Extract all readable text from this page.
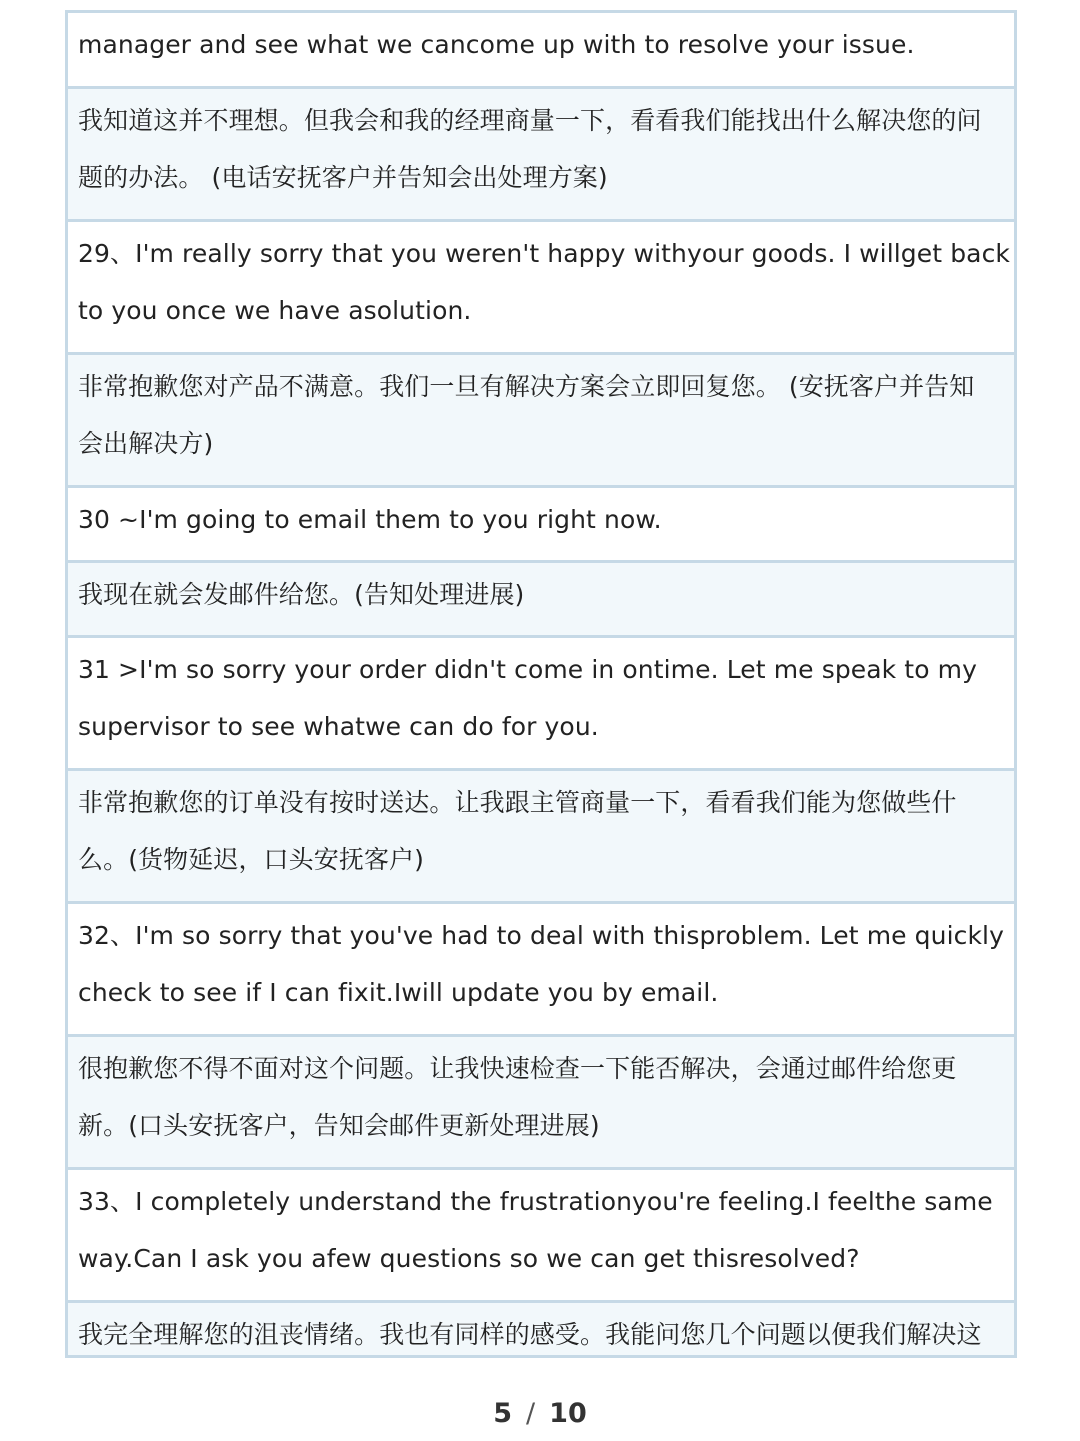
manager and see what we cancome up with to resolve your issue.
我知道这并不理想。但我会和我的经理商量一下，看看我们能找出什么解决您的问
题的办法。 (电话安抚客户并告知会出处理方案)
29、I'm really sorry that you weren't happy withyour goods. I willget back
to you once we have asolution.
非常抱歉您对产品不满意。我们一旦有解决方案会立即回复您。 (安抚客户并告知
会出解决方)
30 ~I'm going to email them to you right now.
我现在就会发邮件给您。(告知处理进展)
31 >I'm so sorry your order didn't come in ontime. Let me speak to my
supervisor to see whatwe can do for you.
非常抱歉您的订单没有按时送达。让我跟主管商量一下，看看我们能为您做些什
么。(货物延迟，口头安抚客户)
32、I'm so sorry that you've had to deal with thisproblem. Let me quickly
check to see if I can fixit.Iwill update you by email.
很抱歉您不得不面对这个问题。让我快速检查一下能否解决，会通过邮件给您更
新。(口头安抚客户，告知会邮件更新处理进展)
33、I completely understand the frustrationyou're feeling.I feelthe same
way.Can I ask you afew questions so we can get thisresolved?
我完全理解您的沮丧情绪。我也有同样的感受。我能问您几个问题以便我们解决这
5 / 10
